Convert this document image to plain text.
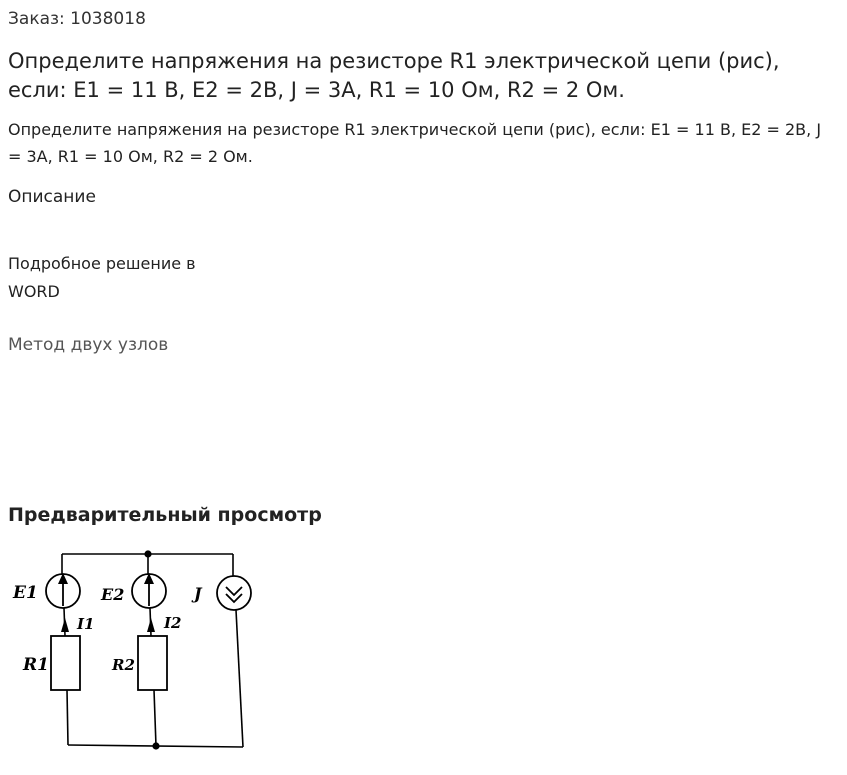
Заказ: 1038018
Определите напряжения на резисторе R1 электрической цепи (рис), если: E1 = 11 В, E2 = 2В, J = 3А, R1 = 10 Ом, R2 = 2 Ом.

Определите напряжения на резисторе R1 электрической цепи (рис), если: E1 = 11 В, E2 = 2В, J = 3А, R1 = 10 Ом, R2 = 2 Ом.

Описание
Подробное решение в WORD
Метод двух узлов
Предварительный просмотр
E1	E2	J
I1	I2
R1	R2
